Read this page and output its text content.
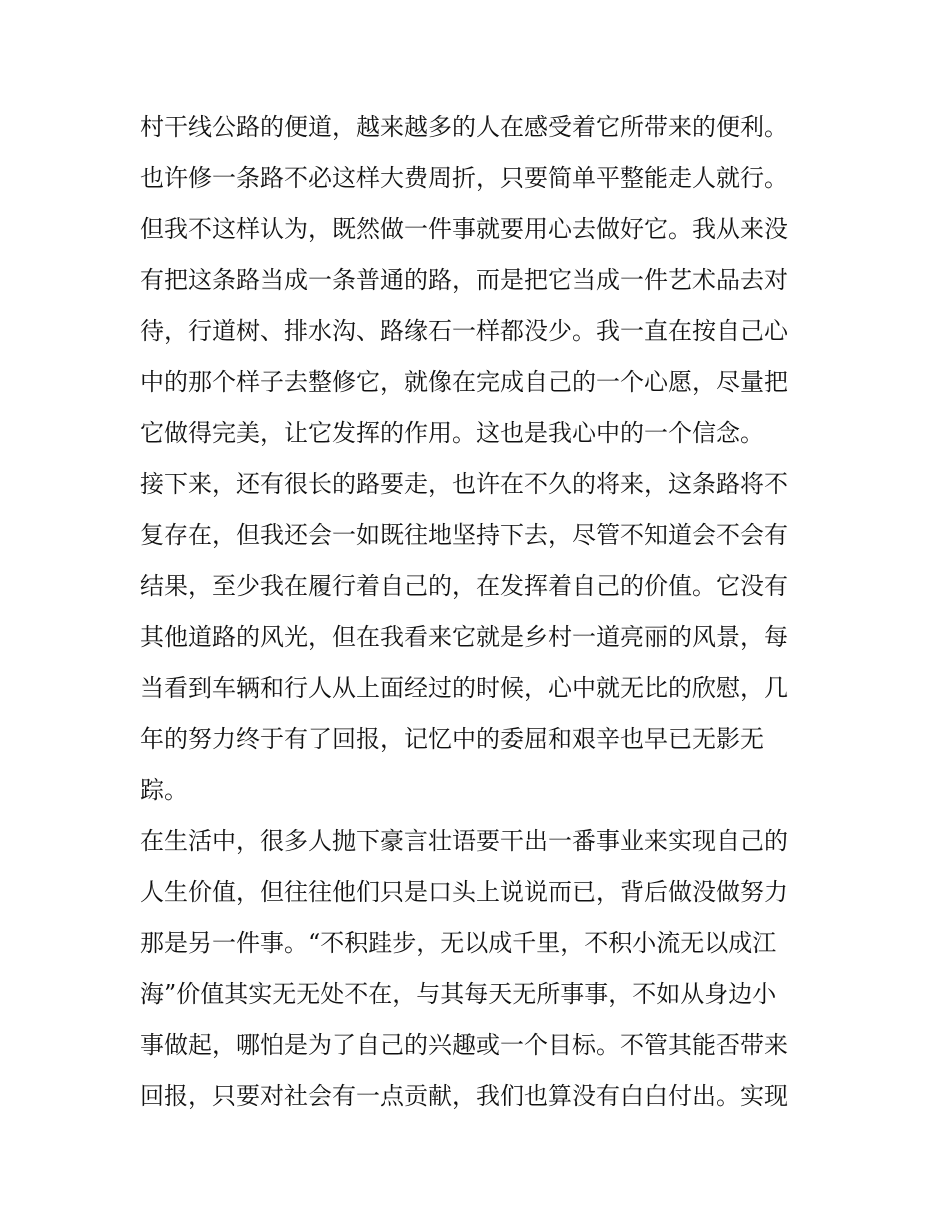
村干线公路的便道，越来越多的人在感受着它所带来的便利。
也许修一条路不必这样大费周折，只要简单平整能走人就行。
但我不这样认为，既然做一件事就要用心去做好它。我从来没
有把这条路当成一条普通的路，而是把它当成一件艺术品去对
待，行道树、排水沟、路缘石一样都没少。我一直在按自己心
中的那个样子去整修它，就像在完成自己的一个心愿，尽量把
它做得完美，让它发挥的作用。这也是我心中的一个信念。
接下来，还有很长的路要走，也许在不久的将来，这条路将不
复存在，但我还会一如既往地坚持下去，尽管不知道会不会有
结果，至少我在履行着自己的，在发挥着自己的价值。它没有
其他道路的风光，但在我看来它就是乡村一道亮丽的风景，每
当看到车辆和行人从上面经过的时候，心中就无比的欣慰，几
年的努力终于有了回报，记忆中的委屈和艰辛也早已无影无
踪。
在生活中，很多人抛下豪言壮语要干出一番事业来实现自己的
人生价值，但往往他们只是口头上说说而已，背后做没做努力
那是另一件事。“不积跬步，无以成千里，不积小流无以成江
海”价值其实无无处不在，与其每天无所事事，不如从身边小
事做起，哪怕是为了自己的兴趣或一个目标。不管其能否带来
回报，只要对社会有一点贡献，我们也算没有白白付出。实现
